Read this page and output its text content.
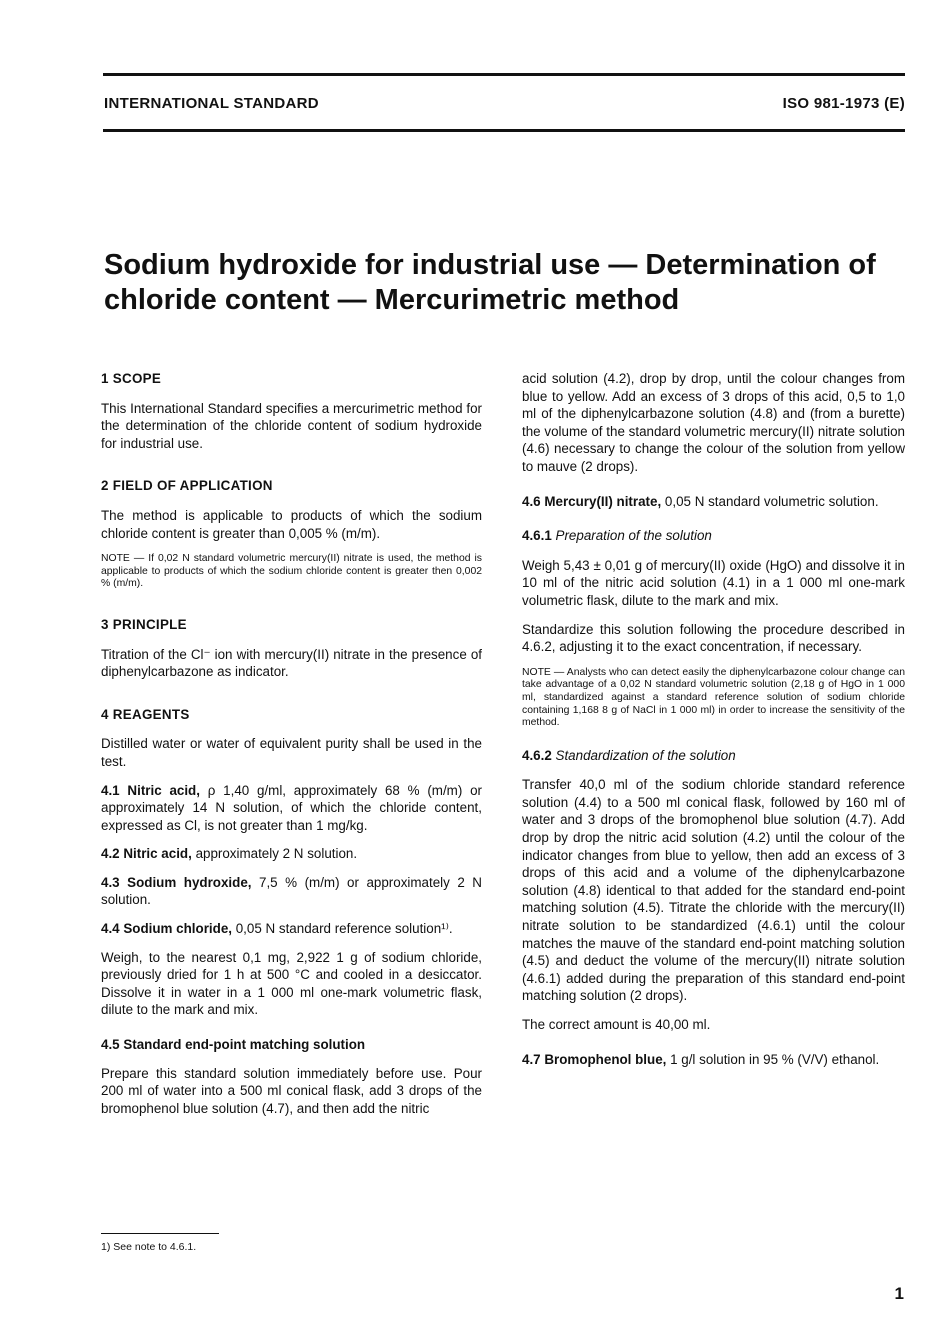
INTERNATIONAL STANDARD	ISO 981-1973 (E)
Sodium hydroxide for industrial use — Determination of
chloride content — Mercurimetric method
1 SCOPE

This International Standard specifies a mercurimetric method for the determination of the chloride content of sodium hydroxide for industrial use.

2 FIELD OF APPLICATION

The method is applicable to products of which the sodium chloride content is greater than 0,005 % (m/m).

NOTE — If 0,02 N standard volumetric mercury(II) nitrate is used, the method is applicable to products of which the sodium chloride content is greater then 0,002 % (m/m).

3 PRINCIPLE

Titration of the Cl⁻ ion with mercury(II) nitrate in the presence of diphenylcarbazone as indicator.

4 REAGENTS

Distilled water or water of equivalent purity shall be used in the test.

4.1 Nitric acid, ρ 1,40 g/ml, approximately 68 % (m/m) or approximately 14 N solution, of which the chloride content, expressed as Cl, is not greater than 1 mg/kg.

4.2 Nitric acid, approximately 2 N solution.

4.3 Sodium hydroxide, 7,5 % (m/m) or approximately 2 N solution.

4.4 Sodium chloride, 0,05 N standard reference solution¹⁾.

Weigh, to the nearest 0,1 mg, 2,922 1 g of sodium chloride, previously dried for 1 h at 500 °C and cooled in a desiccator. Dissolve it in water in a 1 000 ml one-mark volumetric flask, dilute to the mark and mix.

4.5 Standard end-point matching solution

Prepare this standard solution immediately before use. Pour 200 ml of water into a 500 ml conical flask, add 3 drops of the bromophenol blue solution (4.7), and then add the nitric

acid solution (4.2), drop by drop, until the colour changes from blue to yellow. Add an excess of 3 drops of this acid, 0,5 to 1,0 ml of the diphenylcarbazone solution (4.8) and (from a burette) the volume of the standard volumetric mercury(II) nitrate solution (4.6) necessary to change the colour of the solution from yellow to mauve (2 drops).

4.6 Mercury(II) nitrate, 0,05 N standard volumetric solution.

4.6.1 Preparation of the solution

Weigh 5,43 ± 0,01 g of mercury(II) oxide (HgO) and dissolve it in 10 ml of the nitric acid solution (4.1) in a 1 000 ml one-mark volumetric flask, dilute to the mark and mix.

Standardize this solution following the procedure described in 4.6.2, adjusting it to the exact concentration, if necessary.

NOTE — Analysts who can detect easily the diphenylcarbazone colour change can take advantage of a 0,02 N standard volumetric solution (2,18 g of HgO in 1 000 ml, standardized against a standard reference solution of sodium chloride containing 1,168 8 g of NaCl in 1 000 ml) in order to increase the sensitivity of the method.

4.6.2 Standardization of the solution

Transfer 40,0 ml of the sodium chloride standard reference solution (4.4) to a 500 ml conical flask, followed by 160 ml of water and 3 drops of the bromophenol blue solution (4.7). Add drop by drop the nitric acid solution (4.2) until the colour of the indicator changes from blue to yellow, then add an excess of 3 drops of this acid and a volume of the diphenylcarbazone solution (4.8) identical to that added for the standard end-point matching solution (4.5). Titrate the chloride with the mercury(II) nitrate solution to be standardized (4.6.1) until the colour matches the mauve of the standard end-point matching solution (4.5) and deduct the volume of the mercury(II) nitrate solution (4.6.1) added during the preparation of this standard end-point matching solution (2 drops).

The correct amount is 40,00 ml.

4.7 Bromophenol blue, 1 g/l solution in 95 % (V/V) ethanol.

1) See note to 4.6.1.
1
